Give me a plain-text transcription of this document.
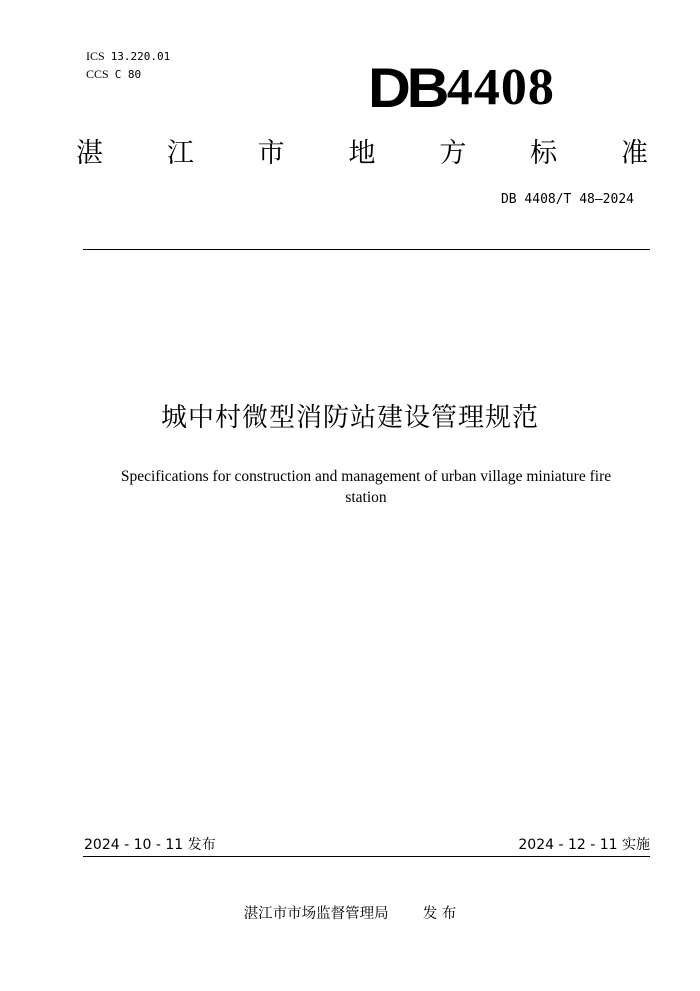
ICS 13.220.01

CCS C 80	DB 4408
湛 江 市 地 方 标 准
DB 4408/T 48—2024
城中村微型消防站建设管理规范
Specifications for construction and management of urban village miniature fire station
2024 - 10 - 11 发布	2024 - 12 - 11 实施
湛江市市场监督管理局 发 布
